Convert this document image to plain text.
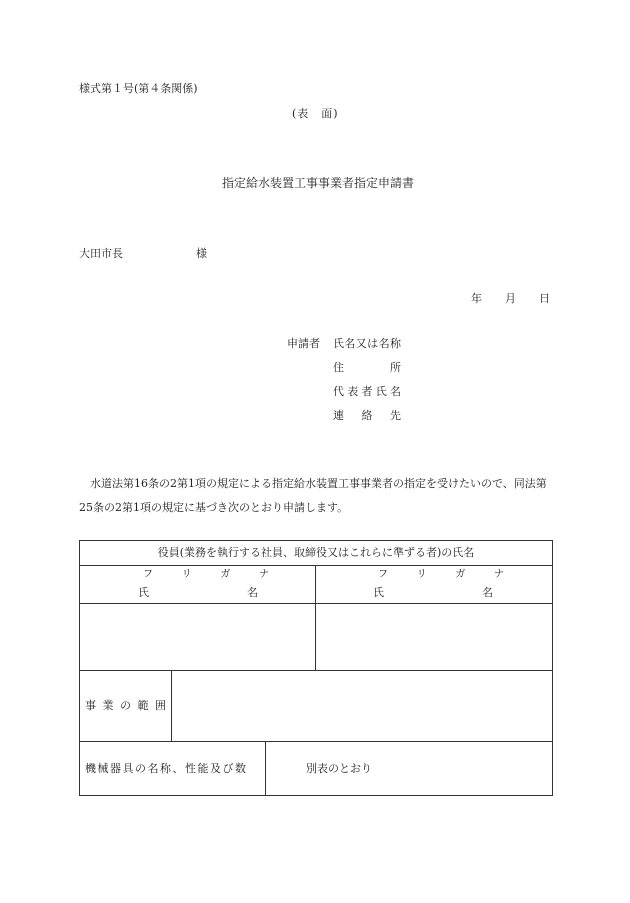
様式第１号(第４条関係)
(表　面)
指定給水装置工事事業者指定申請書
大田市長	様
年 月 日
申請者 氏 名 又 は 名 称
住	所
代 表 者 氏 名
連 絡 先
水道法第16条の2第1項の規定による指定給水装置工事事業者の指定を受けたいので、同法第25条の2第1項の規定に基づき次のとおり申請します。
役員(業務を執行する社員、取締役又はこれらに準ずる者)の氏名
フ	リ	ガ	ナ
氏	名
フ	リ	ガ	ナ
氏	名
事 業 の 範 囲
機械器具の名称、性能及び数	別表のとおり
